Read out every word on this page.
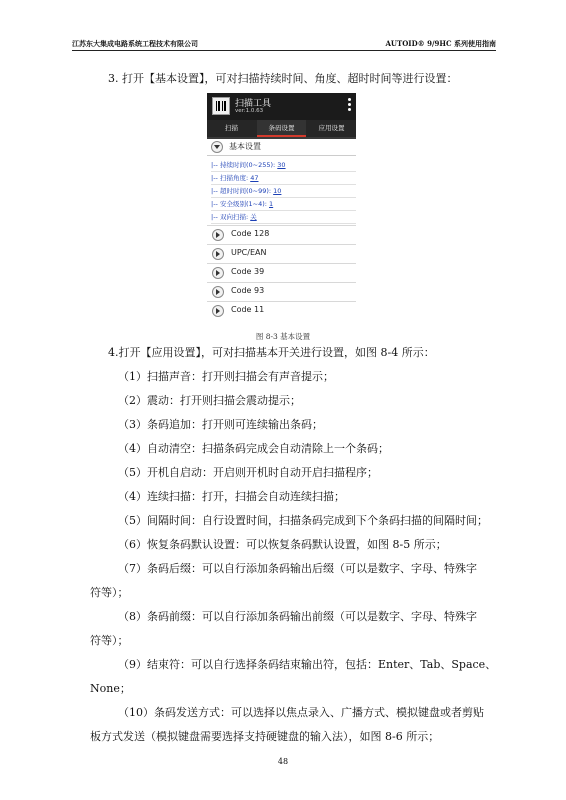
江苏东大集成电路系统工程技术有限公司	AUTOID® 9/9HC 系列使用指南
3. 打开【基本设置】，可对扫描持续时间、角度、超时时间等进行设置：
扫描工具
ver:1.0.63
扫描	条码设置	应用设置
基本设置
|-- 持续时间(0~255): 30
|-- 扫描角度: 47
|-- 超时时间(0~99): 10
|-- 安全级别(1~4): 1
|-- 双向扫描: 关
Code 128
UPC/EAN
Code 39
Code 93
Code 11
图 8-3 基本设置
4.打开【应用设置】，可对扫描基本开关进行设置，如图 8-4 所示：
（1）扫描声音：打开则扫描会有声音提示；
（2）震动：打开则扫描会震动提示；
（3）条码追加：打开则可连续输出条码；
（4）自动清空：扫描条码完成会自动清除上一个条码；
（5）开机自启动：开启则开机时自动开启扫描程序；
（4）连续扫描：打开，扫描会自动连续扫描；
（5）间隔时间：自行设置时间，扫描条码完成到下个条码扫描的间隔时间；
（6）恢复条码默认设置：可以恢复条码默认设置，如图 8-5 所示；
（7）条码后缀：可以自行添加条码输出后缀（可以是数字、字母、特殊字
符等）；
（8）条码前缀：可以自行添加条码输出前缀（可以是数字、字母、特殊字
符等）；
（9）结束符：可以自行选择条码结束输出符，包括：Enter、Tab、Space、
None；
（10）条码发送方式：可以选择以焦点录入、广播方式、模拟键盘或者剪贴
板方式发送（模拟键盘需要选择支持硬键盘的输入法），如图 8-6 所示；
48
